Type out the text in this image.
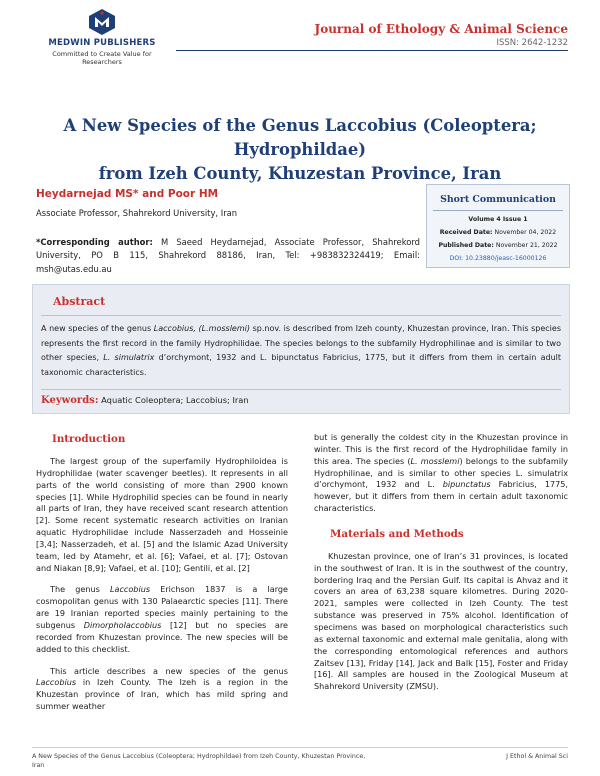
MEDWIN PUBLISHERS
Committed to Create Value for Researchers
Journal of Ethology & Animal Science
ISSN: 2642-1232
A New Species of the Genus Laccobius (Coleoptera; Hydrophildae)
from Izeh County, Khuzestan Province, Iran
Heydarnejad MS* and Poor HM
Associate Professor, Shahrekord University, Iran
*Corresponding author: M Saeed Heydarnejad, Associate Professor, Shahrekord University, PO B 115, Shahrekord 88186, Iran, Tel: +983832324419; Email: msh@utas.edu.au
Short Communication
Volume 4 Issue 1
Received Date: November 04, 2022
Published Date: November 21, 2022
DOI: 10.23880/jeasc-16000126
Abstract
A new species of the genus Laccobius, (L.mosslemi) sp.nov. is described from Izeh county, Khuzestan province, Iran. This species represents the first record in the family Hydrophilidae. The species belongs to the subfamily Hydrophilinae and is similar to two other species, L. simulatrix d’orchymont, 1932 and L. bipunctatus Fabricius, 1775, but it differs from them in certain adult taxonomic characteristics.
Keywords: Aquatic Coleoptera; Laccobius; Iran
Introduction
The largest group of the superfamily Hydrophiloidea is Hydrophilidae (water scavenger beetles). It represents in all parts of the world consisting of more than 2900 known species [1]. While Hydrophilid species can be found in nearly all parts of Iran, they have received scant research attention [2]. Some recent systematic research activities on Iranian aquatic Hydrophilidae include Nasserzadeh and Hosseinie [3,4]; Nasserzadeh, et al. [5] and the Islamic Azad University team, led by Atamehr, et al. [6]; Vafaei, et al. [7]; Ostovan and Niakan [8,9]; Vafaei, et al. [10]; Gentili, et al. [2]
The genus Laccobius Erichson 1837 is a large cosmopolitan genus with 130 Palaearctic species [11]. There are 19 Iranian reported species mainly pertaining to the subgenus Dimorpholaccobius [12] but no species are recorded from Khuzestan province. The new species will be added to this checklist.
This article describes a new species of the genus Laccobius in Izeh County. The Izeh is a region in the Khuzestan province of Iran, which has mild spring and summer weather
but is generally the coldest city in the Khuzestan province in winter. This is the first record of the Hydrophilidae family in this area. The species (L. mosslemi) belongs to the subfamily Hydrophilinae, and is similar to other species L. simulatrix d’orchymont, 1932 and L. bipunctatus Fabricius, 1775, however, but it differs from them in certain adult taxonomic characteristics.
Materials and Methods
Khuzestan province, one of Iran’s 31 provinces, is located in the southwest of Iran. It is in the southwest of the country, bordering Iraq and the Persian Gulf. Its capital is Ahvaz and it covers an area of 63,238 square kilometres. During 2020-2021, samples were collected in Izeh County. The test substance was preserved in 75% alcohol. Identification of specimens was based on morphological characteristics such as external taxonomic and external male genitalia, along with the corresponding entomological references and authors Zaitsev [13], Friday [14], Jack and Balk [15], Foster and Friday [16]. All samples are housed in the Zoological Museum at Shahrekord University (ZMSU).
A New Species of the Genus Laccobius (Coleoptera; Hydrophildae) from Izeh County, Khuzestan Province, Iran
J Ethol & Animal Sci
